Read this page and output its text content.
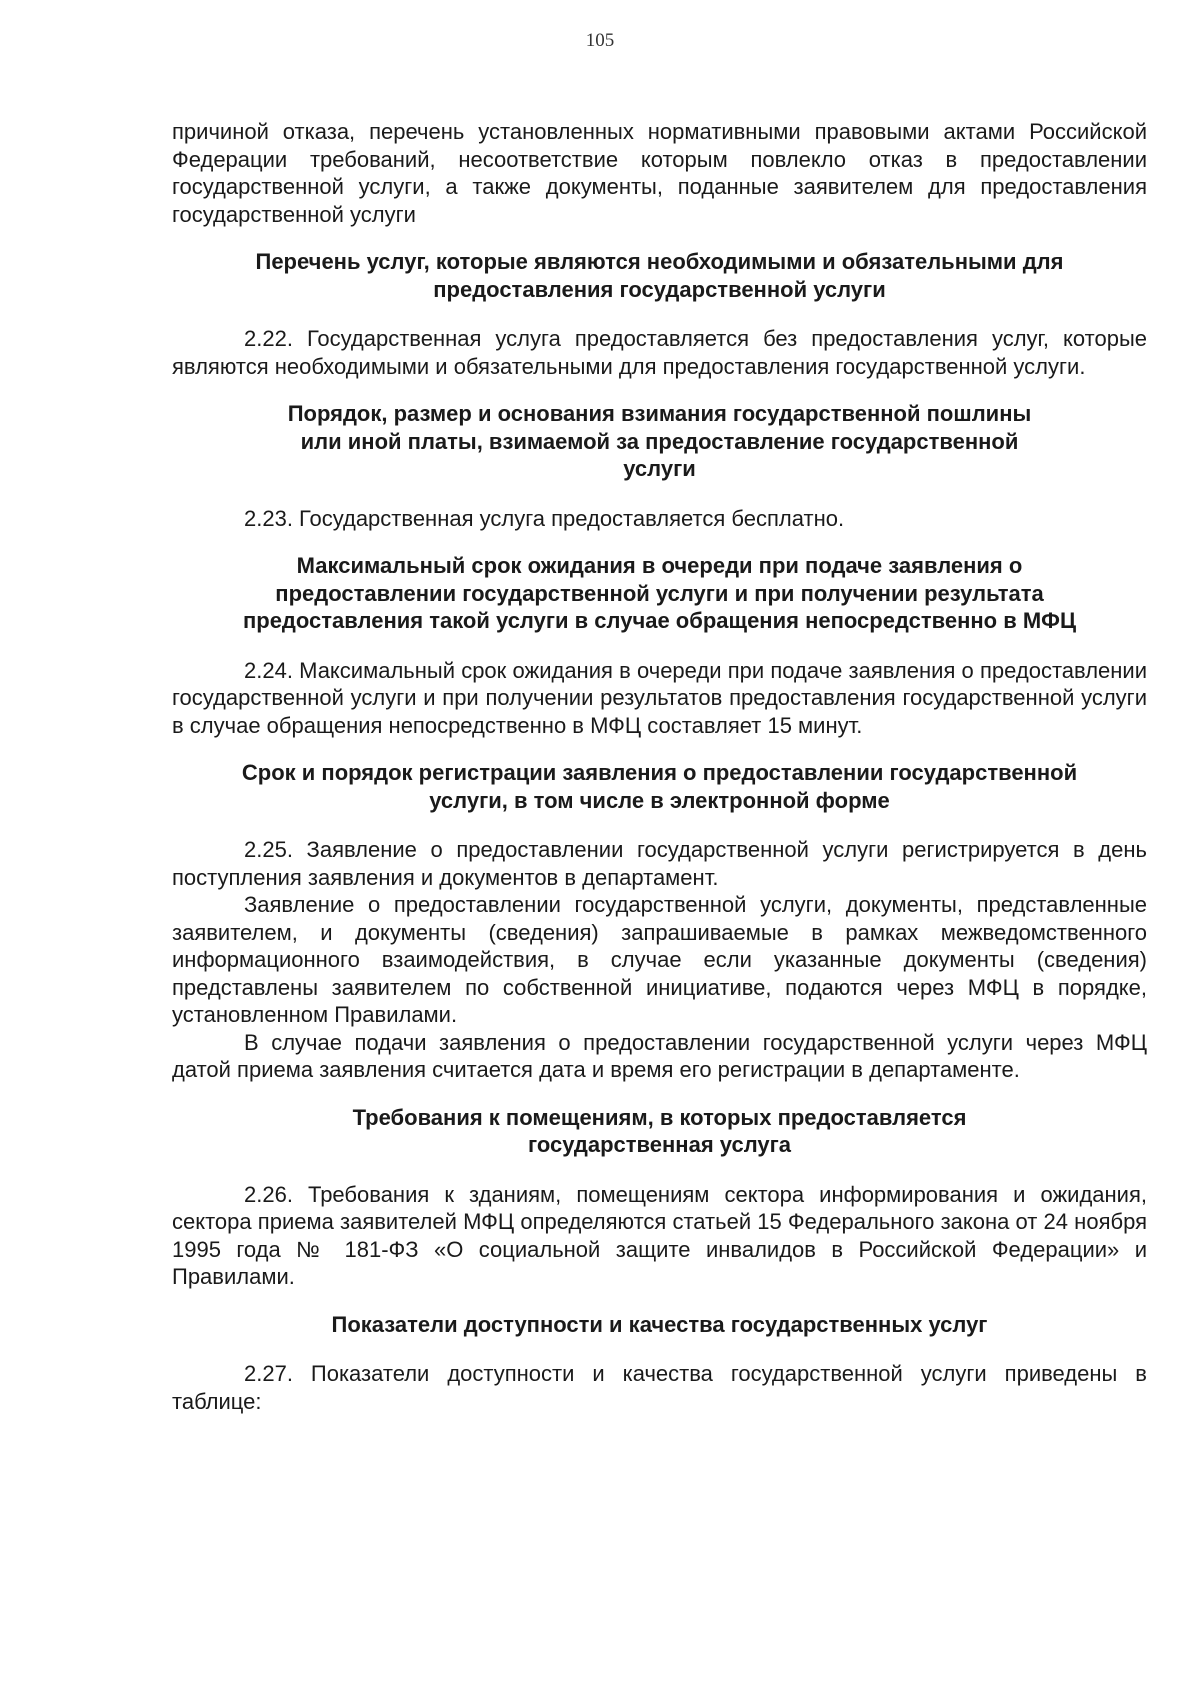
105

причиной отказа, перечень установленных нормативными правовыми актами Российской Федерации требований, несоответствие которым повлекло отказ в предоставлении государственной услуги, а также документы, поданные заявителем для предоставления государственной услуги

Перечень услуг, которые являются необходимыми и обязательными для
предоставления государственной услуги

2.22. Государственная услуга предоставляется без предоставления услуг, которые являются необходимыми и обязательными для предоставления государственной услуги.

Порядок, размер и основания взимания государственной пошлины
или иной платы, взимаемой за предоставление государственной
услуги

2.23. Государственная услуга предоставляется бесплатно.

Максимальный срок ожидания в очереди при подаче заявления о
предоставлении государственной услуги и при получении результата
предоставления такой услуги в случае обращения непосредственно в МФЦ

2.24. Максимальный срок ожидания в очереди при подаче заявления о предоставлении государственной услуги и при получении результатов предоставления государственной услуги в случае обращения непосредственно в МФЦ составляет 15 минут.

Срок и порядок регистрации заявления о предоставлении государственной
услуги, в том числе в электронной форме

2.25. Заявление о предоставлении государственной услуги регистрируется в день поступления заявления и документов в департамент.

Заявление о предоставлении государственной услуги, документы, представленные заявителем, и документы (сведения) запрашиваемые в рамках межведомственного информационного взаимодействия, в случае если указанные документы (сведения) представлены заявителем по собственной инициативе, подаются через МФЦ в порядке, установленном Правилами.

В случае подачи заявления о предоставлении государственной услуги через МФЦ датой приема заявления считается дата и время его регистрации в департаменте.

Требования к помещениям, в которых предоставляется
государственная услуга

2.26. Требования к зданиям, помещениям сектора информирования и ожидания, сектора приема заявителей МФЦ определяются статьей 15 Федерального закона от 24 ноября 1995 года № 181-ФЗ «О социальной защите инвалидов в Российской Федерации» и Правилами.

Показатели доступности и качества государственных услуг

2.27. Показатели доступности и качества государственной услуги приведены в таблице:
